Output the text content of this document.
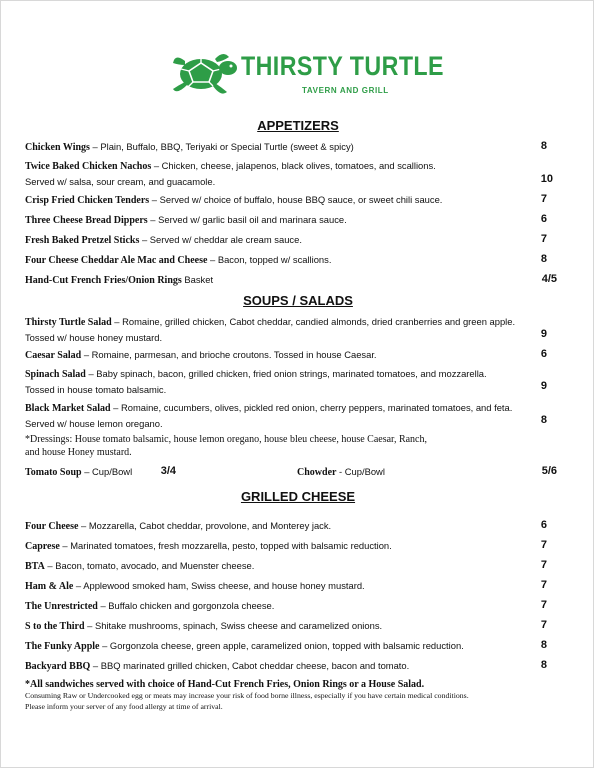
THIRSTY TURTLE
TAVERN AND GRILL
APPETIZERS
Chicken Wings – Plain, Buffalo, BBQ, Teriyaki or Special Turtle (sweet & spicy)	8
Twice Baked Chicken Nachos – Chicken, cheese, jalapenos, black olives, tomatoes, and scallions.
Served w/ salsa, sour cream, and guacamole.	10
Crisp Fried Chicken Tenders – Served w/ choice of buffalo, house BBQ sauce, or sweet chili sauce.	7
Three Cheese Bread Dippers – Served w/ garlic basil oil and marinara sauce.	6
Fresh Baked Pretzel Sticks – Served w/ cheddar ale cream sauce.	7
Four Cheese Cheddar Ale Mac and Cheese – Bacon, topped w/ scallions.	8
Hand-Cut French Fries/Onion Rings Basket	4/5
SOUPS / SALADS
Thirsty Turtle Salad – Romaine, grilled chicken, Cabot cheddar, candied almonds, dried cranberries and green apple.
Tossed w/ house honey mustard.	9
Caesar Salad – Romaine, parmesan, and brioche croutons. Tossed in house Caesar.	6
Spinach Salad – Baby spinach, bacon, grilled chicken, fried onion strings, marinated tomatoes, and mozzarella.
Tossed in house tomato balsamic.	9
Black Market Salad – Romaine, cucumbers, olives, pickled red onion, cherry peppers, marinated tomatoes, and feta.
Served w/ house lemon oregano.	8
*Dressings: House tomato balsamic, house lemon oregano, house bleu cheese, house Caesar, Ranch,
and house Honey mustard.
Tomato Soup – Cup/Bowl	3/4	Chowder - Cup/Bowl	5/6
GRILLED CHEESE
Four Cheese – Mozzarella, Cabot cheddar, provolone, and Monterey jack.	6
Caprese – Marinated tomatoes, fresh mozzarella, pesto, topped with balsamic reduction.	7
BTA – Bacon, tomato, avocado, and Muenster cheese.	7
Ham & Ale – Applewood smoked ham, Swiss cheese, and house honey mustard.	7
The Unrestricted – Buffalo chicken and gorgonzola cheese.	7
S to the Third – Shitake mushrooms, spinach, Swiss cheese and caramelized onions.	7
The Funky Apple – Gorgonzola cheese, green apple, caramelized onion, topped with balsamic reduction.	8
Backyard BBQ – BBQ marinated grilled chicken, Cabot cheddar cheese, bacon and tomato.	8
*All sandwiches served with choice of Hand-Cut French Fries, Onion Rings or a House Salad.
Consuming Raw or Undercooked egg or meats may increase your risk of food borne illness, especially if you have certain medical conditions.
Please inform your server of any food allergy at time of arrival.
